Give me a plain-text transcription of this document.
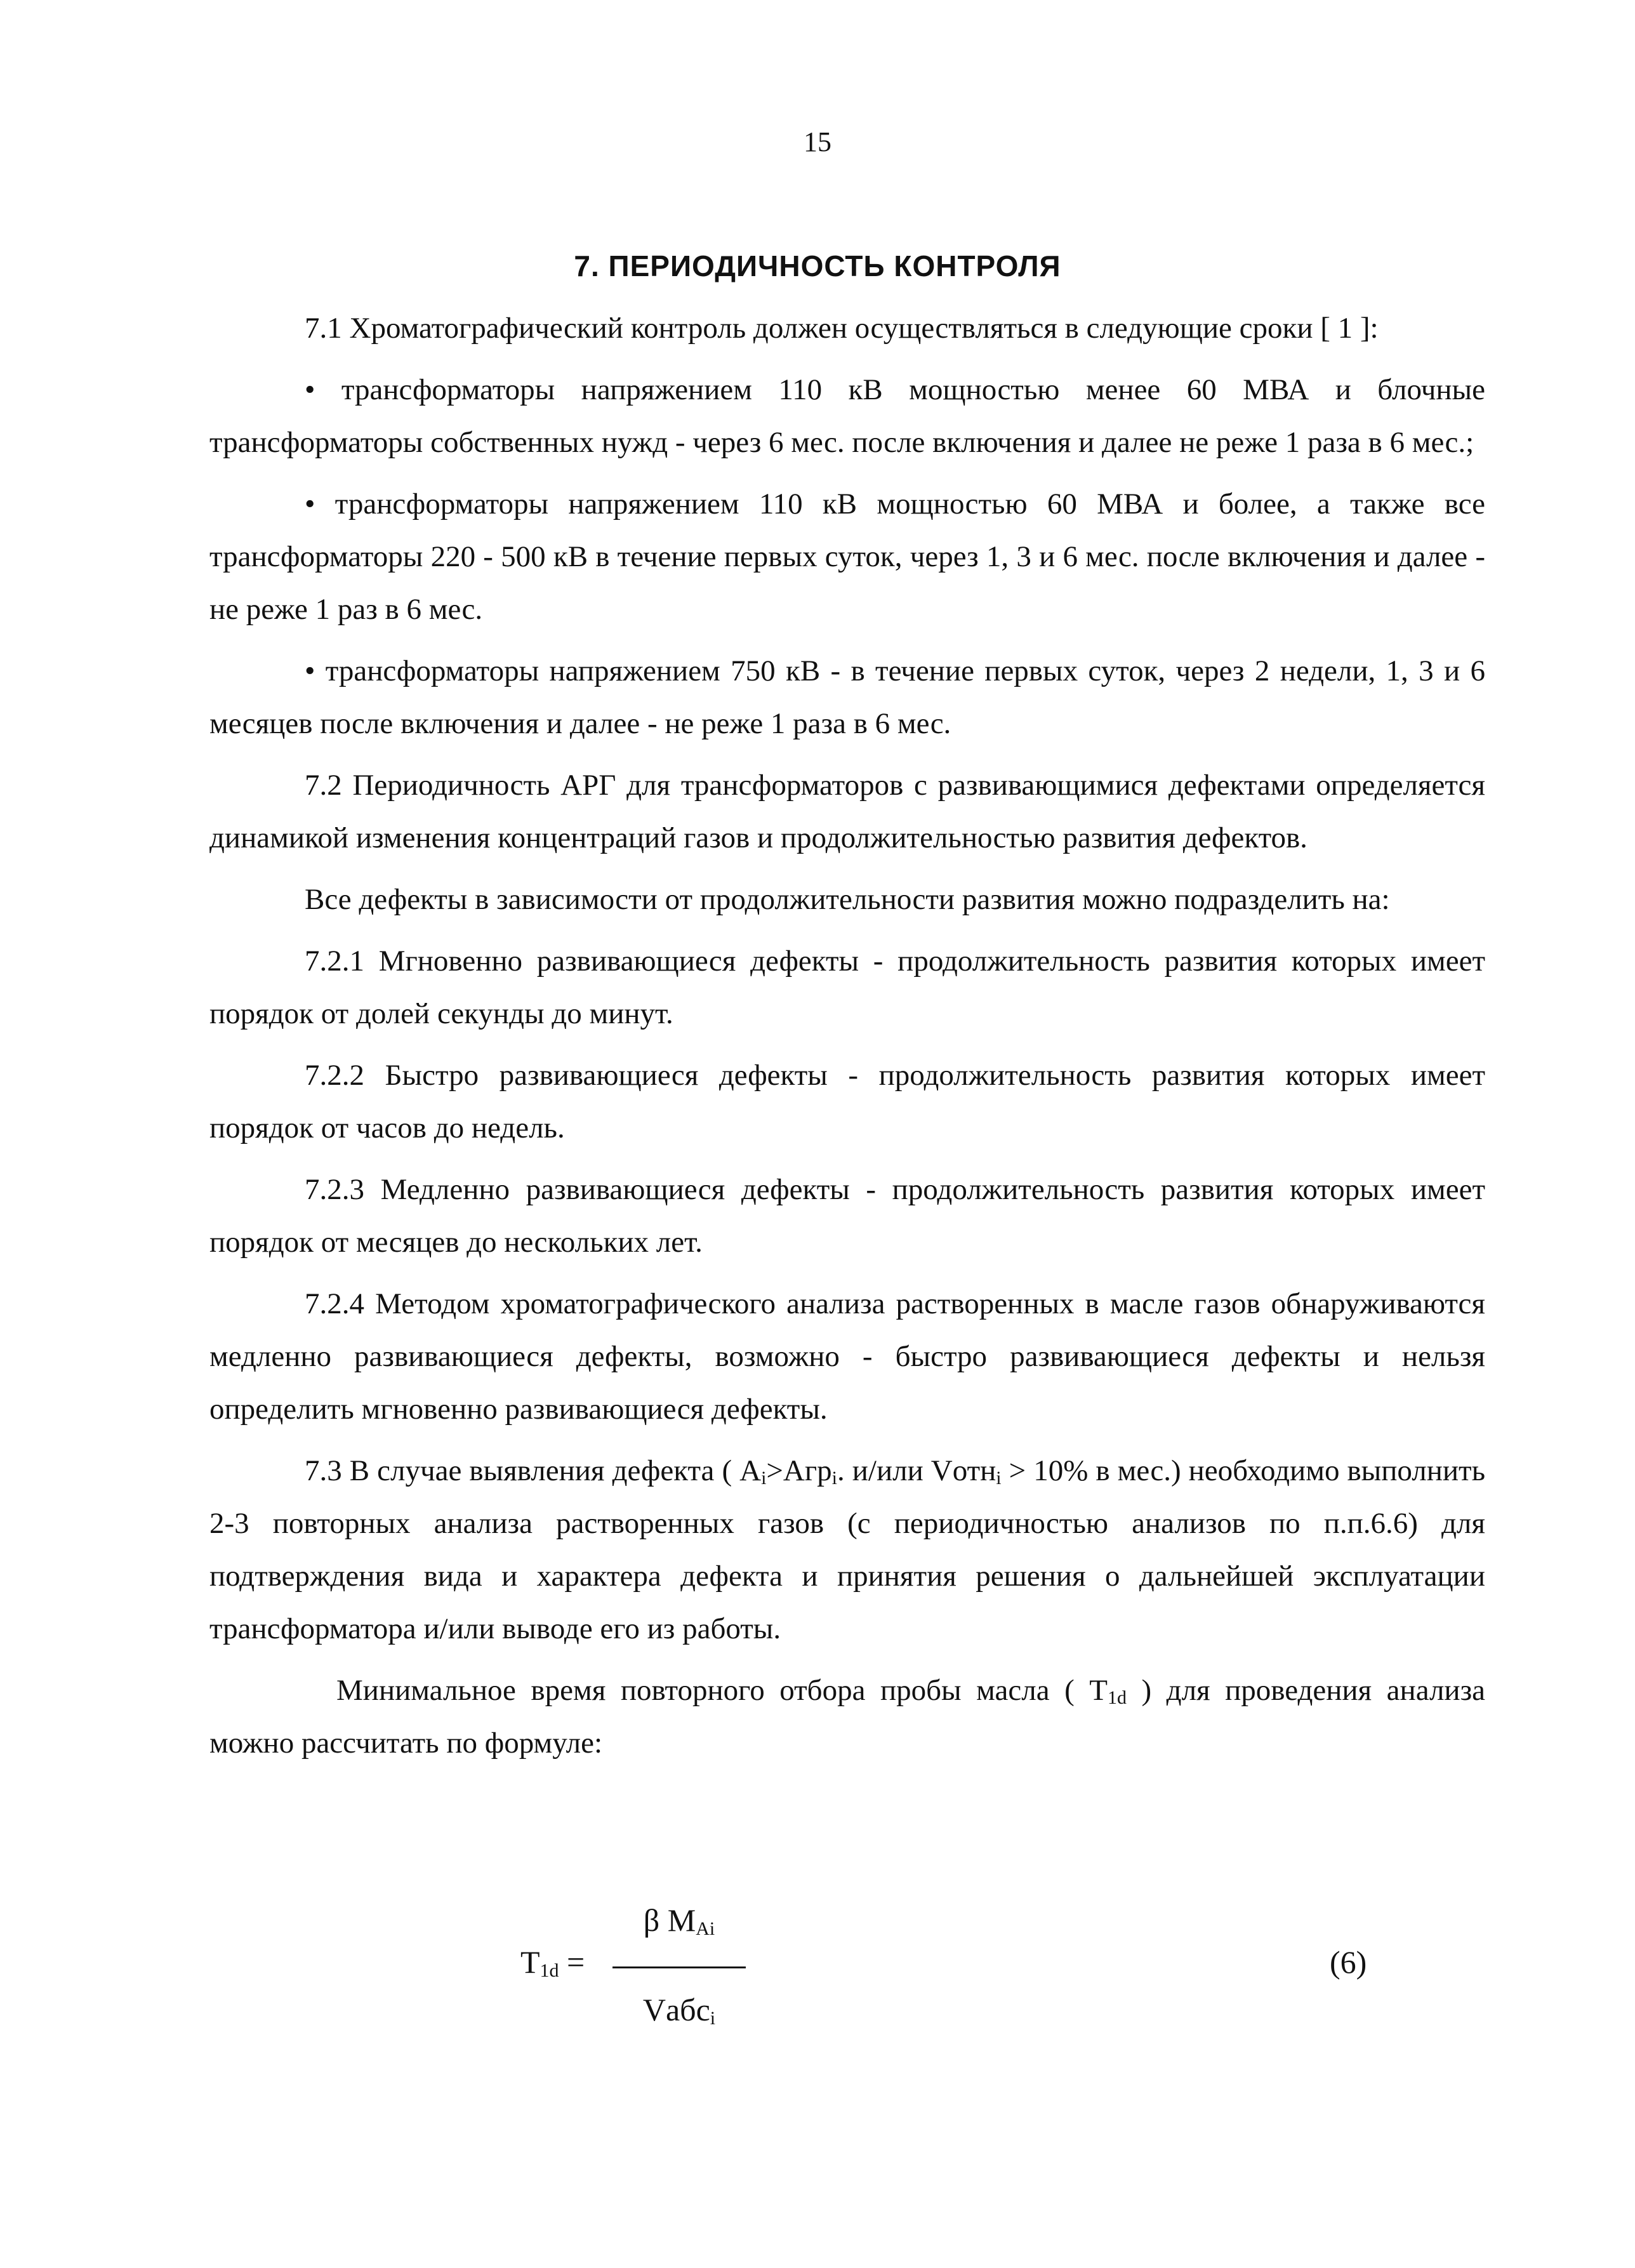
15
7. ПЕРИОДИЧНОСТЬ КОНТРОЛЯ

7.1 Хроматографический контроль должен осуществляться в следующие сроки [ 1 ]:

• трансформаторы напряжением 110 кВ мощностью менее 60 МВА и блочные трансформаторы собственных нужд - через 6 мес. после включения и далее не реже 1 раза в 6 мес.;

• трансформаторы напряжением 110 кВ мощностью 60 МВА и более, а также все трансформаторы 220 - 500 кВ в течение первых суток, через 1, 3 и 6 мес. после включения и далее - не реже 1 раз в 6 мес.

• трансформаторы напряжением 750 кВ - в течение первых суток, через 2 недели, 1, 3 и 6 месяцев после включения и далее - не реже 1 раза в 6 мес.

7.2 Периодичность АРГ для трансформаторов с развивающимися дефектами определяется динамикой изменения концентраций газов и продолжительностью развития дефектов.

Все дефекты в зависимости от продолжительности развития можно подразделить на:

7.2.1 Мгновенно развивающиеся дефекты - продолжительность развития которых имеет порядок от долей секунды до минут.

7.2.2 Быстро развивающиеся дефекты - продолжительность развития которых имеет порядок от часов до недель.

7.2.3 Медленно развивающиеся дефекты - продолжительность развития которых имеет порядок от месяцев до нескольких лет.

7.2.4 Методом хроматографического анализа растворенных в масле газов обнаруживаются медленно развивающиеся дефекты, возможно - быстро развивающиеся дефекты и нельзя определить мгновенно развивающиеся дефекты.

7.3 В случае выявления дефекта ( $A_i>Aгр_i$. и/или Vотн$_i$ > 10% в мес.) необходимо выполнить 2-3 повторных анализа растворенных газов (с периодичностью анализов по п.п.6.6) для подтверждения вида и характера дефекта и принятия решения о дальнейшей эксплуатации трансформатора и/или выводе его из работы.

Минимальное время повторного отбора пробы масла ( $T_{1d}$ ) для проведения анализа можно рассчитать по формуле:

$T_{1d}$ =
β $M_{Ai}$
Vабс$_i$
(6)
